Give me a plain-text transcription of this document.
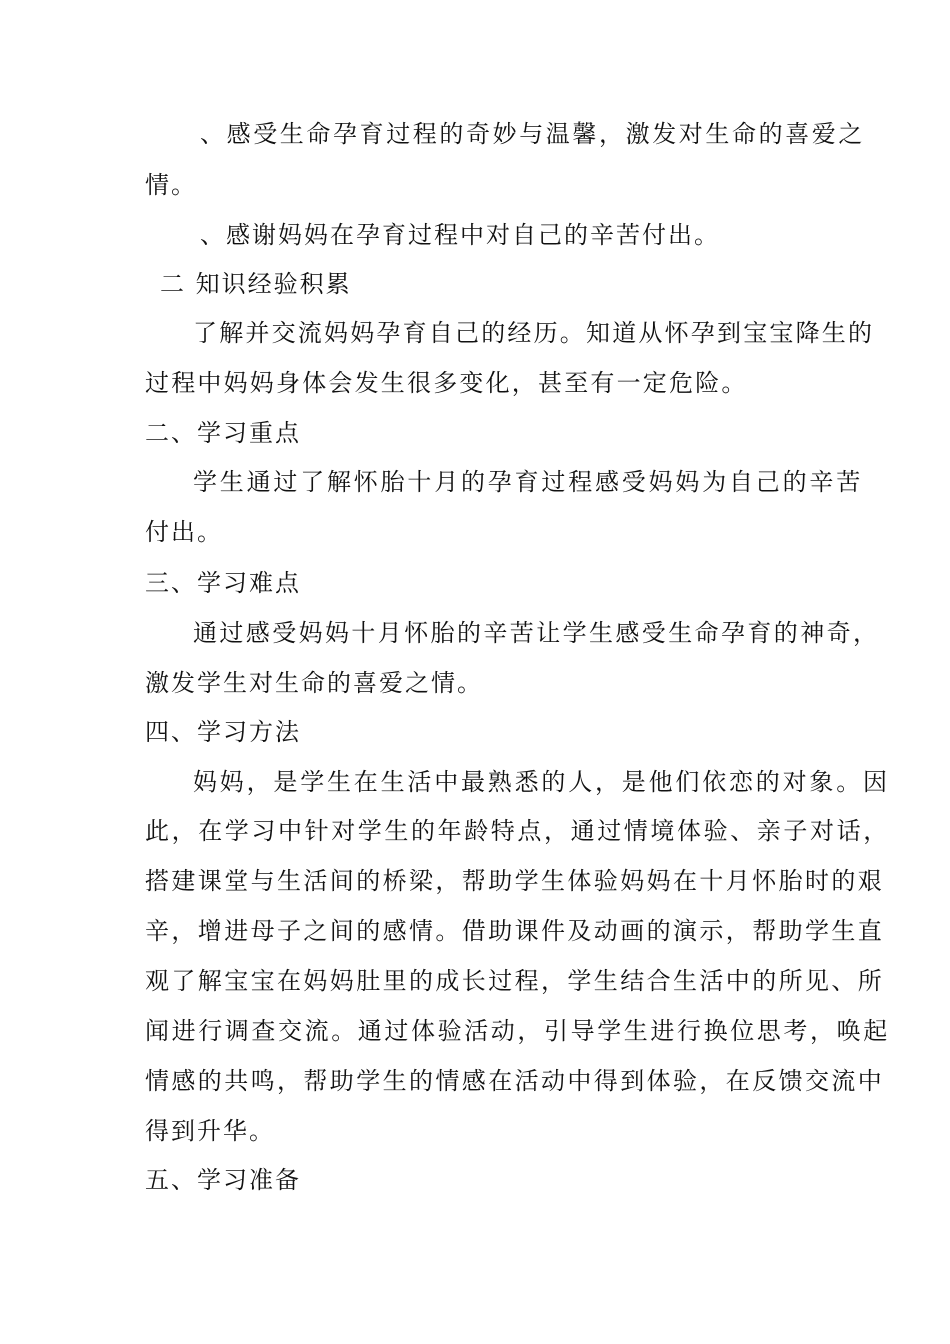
、感受生命孕育过程的奇妙与温馨，激发对生命的喜爱之
情。
、感谢妈妈在孕育过程中对自己的辛苦付出。
二 知识经验积累
了解并交流妈妈孕育自己的经历。知道从怀孕到宝宝降生的
过程中妈妈身体会发生很多变化，甚至有一定危险。
二、学习重点
学生通过了解怀胎十月的孕育过程感受妈妈为自己的辛苦
付出。
三、学习难点
通过感受妈妈十月怀胎的辛苦让学生感受生命孕育的神奇，
激发学生对生命的喜爱之情。
四、学习方法
妈妈，是学生在生活中最熟悉的人，是他们依恋的对象。因
此，在学习中针对学生的年龄特点，通过情境体验、亲子对话，
搭建课堂与生活间的桥梁，帮助学生体验妈妈在十月怀胎时的艰
辛，增进母子之间的感情。借助课件及动画的演示，帮助学生直
观了解宝宝在妈妈肚里的成长过程，学生结合生活中的所见、所
闻进行调查交流。通过体验活动，引导学生进行换位思考，唤起
情感的共鸣，帮助学生的情感在活动中得到体验，在反馈交流中
得到升华。
五、学习准备
